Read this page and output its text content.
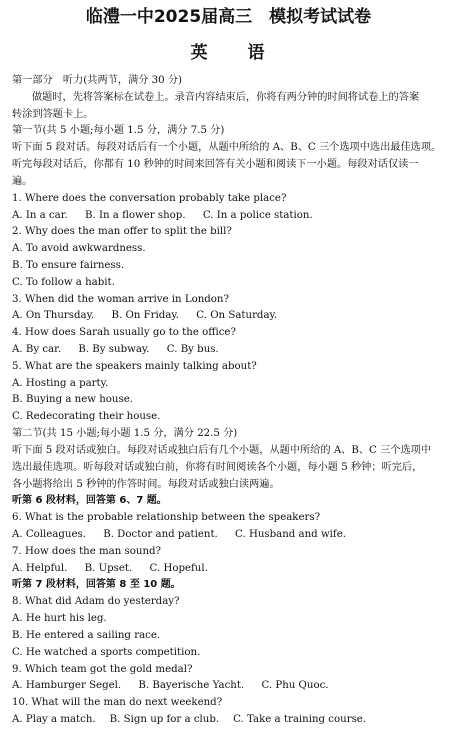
临澧一中2025届高三　模拟考试试卷
英　　语
第一部分　听力(共两节，满分 30 分)
做题时，先将答案标在试卷上。录音内容结束后，你将有两分钟的时间将试卷上的答案
转涂到答题卡上。
第一节(共 5 小题;每小题 1.5 分，满分 7.5 分)
听下面 5 段对话。每段对话后有一个小题，从题中所给的 A、B、C 三个选项中选出最佳选项。
听完每段对话后，你都有 10 秒钟的时间来回答有关小题和阅读下一小题。每段对话仅读一
遍。
1. Where does the conversation probably take place?
A. In a car. B. In a flower shop. C. In a police station.
2. Why does the man offer to split the bill?
A. To avoid awkwardness.
B. To ensure fairness.
C. To follow a habit.
3. When did the woman arrive in London?
A. On Thursday. B. On Friday. C. On Saturday.
4. How does Sarah usually go to the office?
A. By car. B. By subway. C. By bus.
5. What are the speakers mainly talking about?
A. Hosting a party.
B. Buying a new house.
C. Redecorating their house.
第二节(共 15 小题;每小题 1.5 分，满分 22.5 分)
听下面 5 段对话或独白。每段对话或独白后有几个小题，从题中所给的 A、B、C 三个选项中
选出最佳选项。听每段对话或独白前，你将有时间阅读各个小题，每小题 5 秒钟；听完后，
各小题将给出 5 秒钟的作答时间。每段对话或独白读两遍。
听第 6 段材料，回答第 6、7 题。
6. What is the probable relationship between the speakers?
A. Colleagues. B. Doctor and patient. C. Husband and wife.
7. How does the man sound?
A. Helpful. B. Upset. C. Hopeful.
听第 7 段材料，回答第 8 至 10 题。
8. What did Adam do yesterday?
A. He hurt his leg.
B. He entered a sailing race.
C. He watched a sports competition.
9. Which team got the gold medal?
A. Hamburger Segel. B. Bayerische Yacht. C. Phu Quoc.
10. What will the man do next weekend?
A. Play a match. B. Sign up for a club. C. Take a training course.
